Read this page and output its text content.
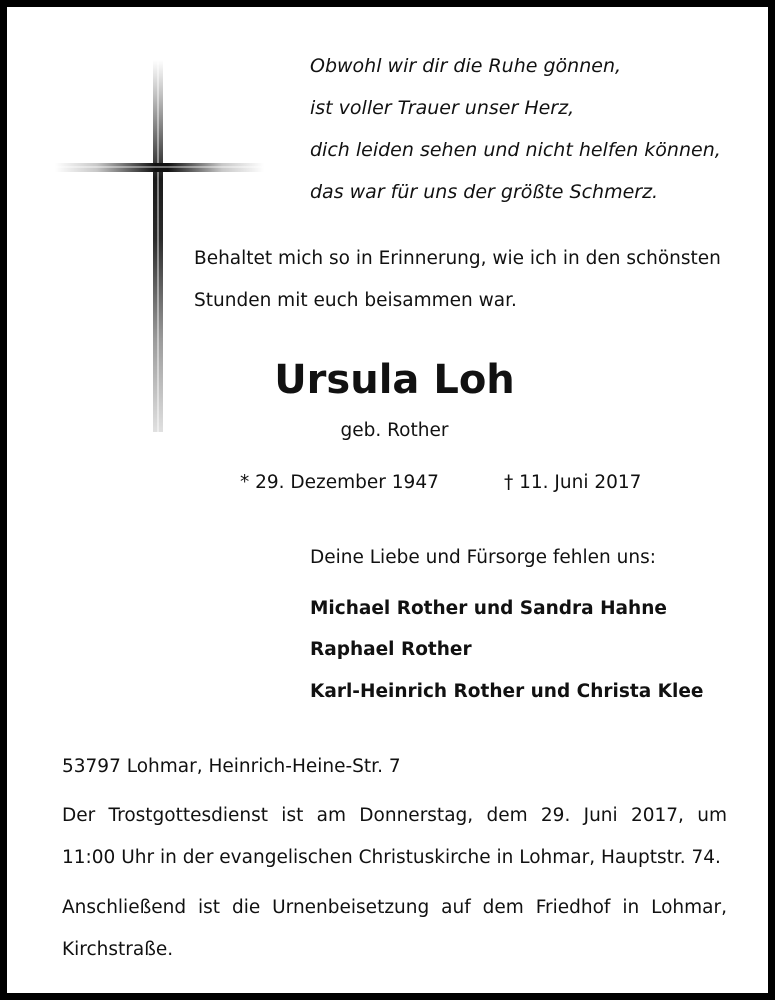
Obwohl wir dir die Ruhe gönnen,
ist voller Trauer unser Herz,
dich leiden sehen und nicht helfen können,
das war für uns der größte Schmerz.
Behaltet mich so in Erinnerung, wie ich in den schönsten
Stunden mit euch beisammen war.
Ursula Loh
geb. Rother
* 29. Dezember 1947	† 11. Juni 2017
Deine Liebe und Fürsorge fehlen uns:
Michael Rother und Sandra Hahne
Raphael Rother
Karl-Heinrich Rother und Christa Klee
53797 Lohmar, Heinrich-Heine-Str. 7
Der Trostgottesdienst ist am Donnerstag, dem 29. Juni 2017, um
11:00 Uhr in der evangelischen Christuskirche in Lohmar, Hauptstr. 74.
Anschließend ist die Urnenbeisetzung auf dem Friedhof in Lohmar,
Kirchstraße.
